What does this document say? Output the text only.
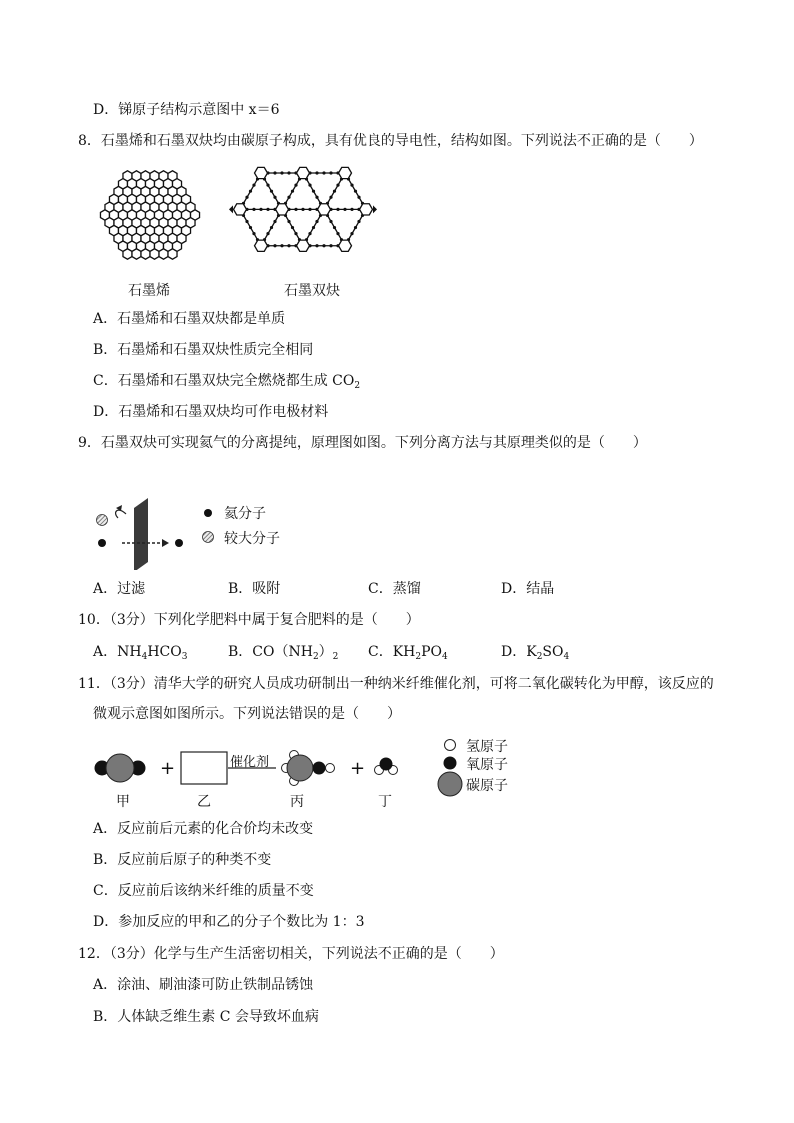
D．锑原子结构示意图中 x＝6
8．石墨烯和石墨双炔均由碳原子构成，具有优良的导电性，结构如图。下列说法不正确的是（　　）
石墨烯	石墨双炔
A．石墨烯和石墨双炔都是单质
B．石墨烯和石墨双炔性质完全相同
C．石墨烯和石墨双炔完全燃烧都生成 $CO_2$
D．石墨烯和石墨双炔均可作电极材料
9．石墨双炔可实现氦气的分离提纯，原理图如图。下列分离方法与其原理类似的是（　　）
氦分子
较大分子
A．过滤	B．吸附	C．蒸馏	D．结晶
10．（3分）下列化学肥料中属于复合肥料的是（　　）
A．$NH_4HCO_3$	B．$CO(NH_2)_2$ C．$KH_2PO_4$	D．$K_2SO_4$
11．（3分）清华大学的研究人员成功研制出一种纳米纤维催化剂，可将二氧化碳转化为甲醇，该反应的
微观示意图如图所示。下列说法错误的是（　　）
+	+
催化剂
甲	乙	丙	丁
氢原子
氧原子
碳原子
A．反应前后元素的化合价均未改变
B．反应前后原子的种类不变
C．反应前后该纳米纤维的质量不变
D．参加反应的甲和乙的分子个数比为 1：3
12．（3分）化学与生产生活密切相关，下列说法不正确的是（　　）
A．涂油、刷油漆可防止铁制品锈蚀
B．人体缺乏维生素 C 会导致坏血病
